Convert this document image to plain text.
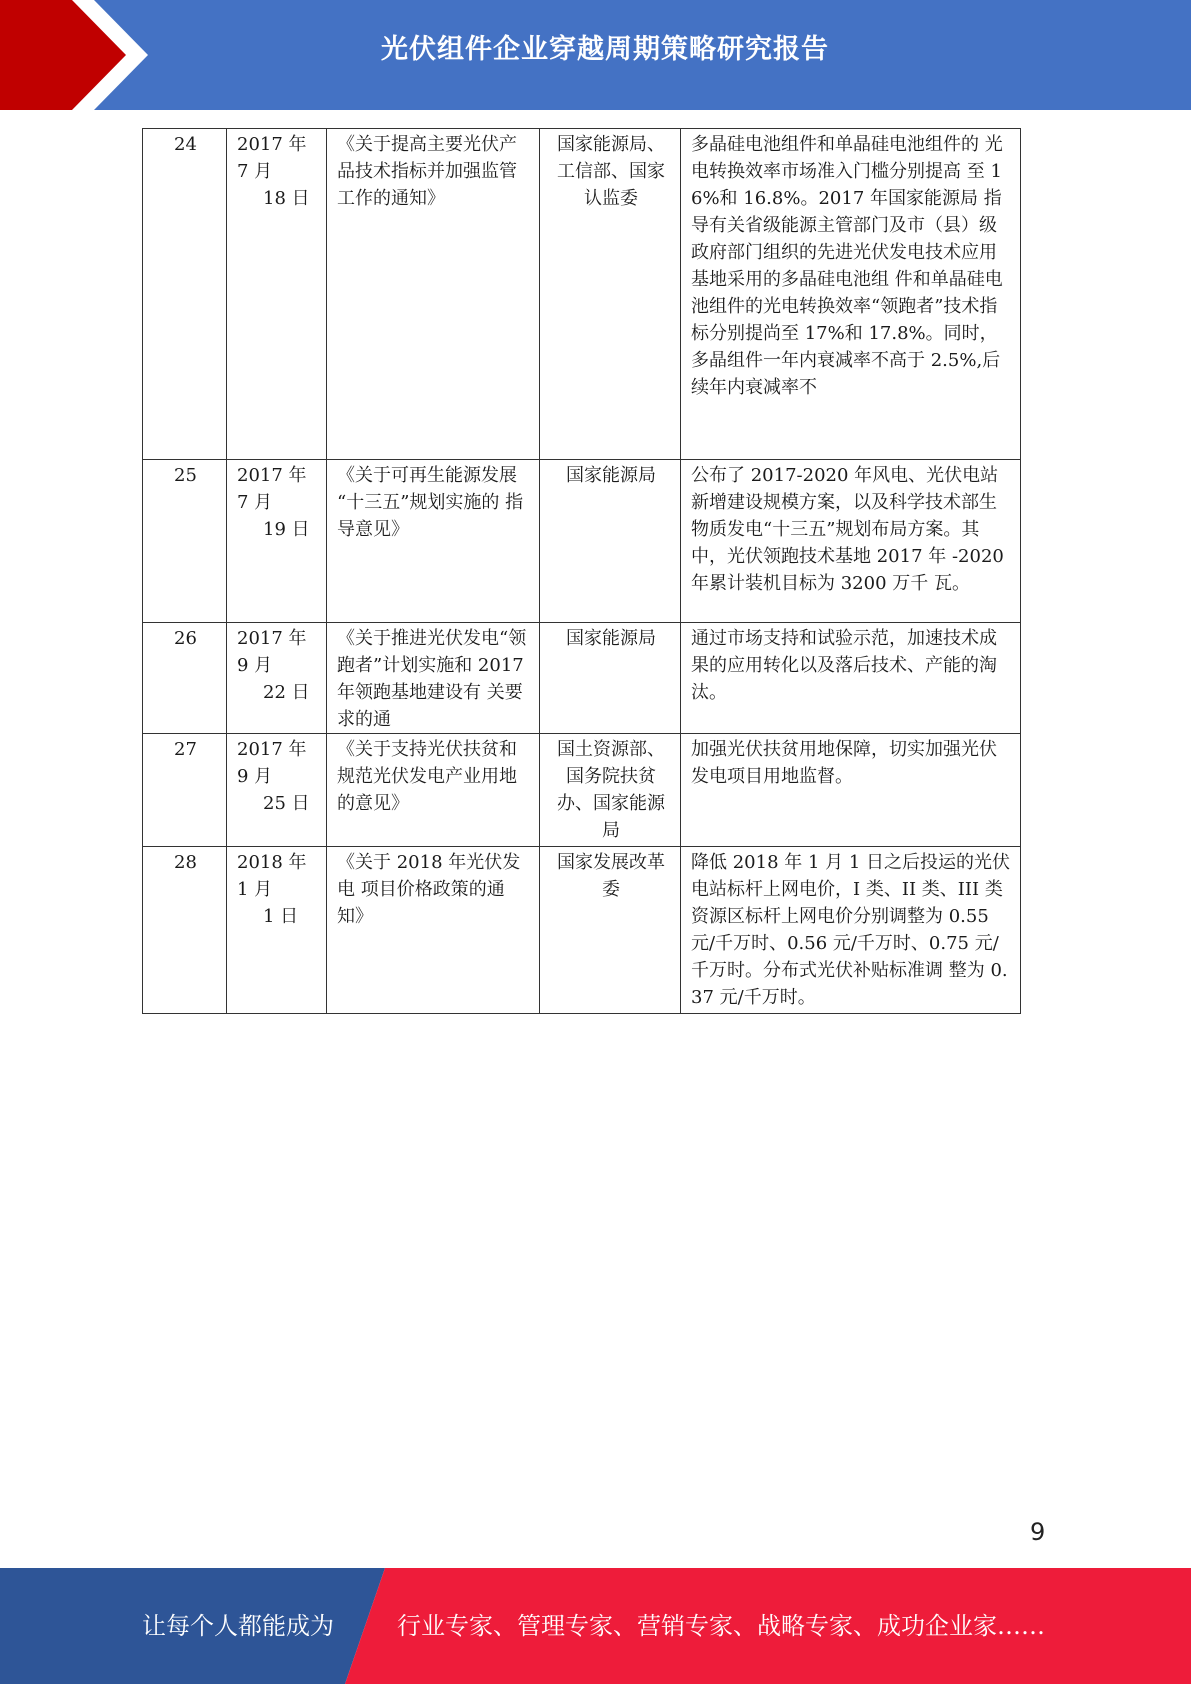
光伏组件企业穿越周期策略研究报告
24	2017 年
7 月
18 日	《关于提高主要光伏产 品技术指标并加强监管 工作的通知》	国家能源局、工信部、国家认监委	多晶硅电池组件和单晶硅电池组件的 光电转换效率市场准入门槛分别提高 至 16%和 16.8%。2017 年国家能源局 指导有关省级能源主管部门及市（县）级政府部门组织的先进光伏发电技术应用基地采用的多晶硅电池组 件和单晶硅电池组件的光电转换效率“领跑者”技术指标分别提尚至 17%和 17.8%。同时，多晶组件一年内衰减率不高于 2.5%,后续年内衰减率不

25	2017 年
7 月
19 日	《关于可再生能源发展 “十三五”规划实施的 指导意见》	国家能源局	公布了 2017-2020 年风电、光伏电站新增建设规模方案，以及科学技术部生物质发电“十三五”规划布局方案。其中，光伏领跑技术基地 2017 年 -2020 年累计装机目标为 3200 万千 瓦。
26	2017 年
9 月
22 日	《关于推进光伏发电“领跑者”计划实施和 2017 年领跑基地建设有 关要求的通	国家能源局	通过市场支持和试验示范，加速技术成果的应用转化以及落后技术、产能的淘汰。
27	2017 年
9 月
25 日	《关于支持光伏扶贫和 规范光伏发电产业用地 的意见》	国土资源部、国务院扶贫办、国家能源局	加强光伏扶贫用地保障，切实加强光伏发电项目用地监督。
28	2018 年
1 月
1 日	《关于 2018 年光伏发电 项目价格政策的通知》	国家发展改革委	降低 2018 年 1 月 1 日之后投运的光伏电站标杆上网电价，I 类、II 类、III 类资源区标杆上网电价分别调整为 0.55 元/千万时、0.56 元/千万时、0.75 元/千万时。分布式光伏补贴标准调 整为 0.37 元/千万时。
9
让每个人都能成为	行业专家、管理专家、营销专家、战略专家、成功企业家……
